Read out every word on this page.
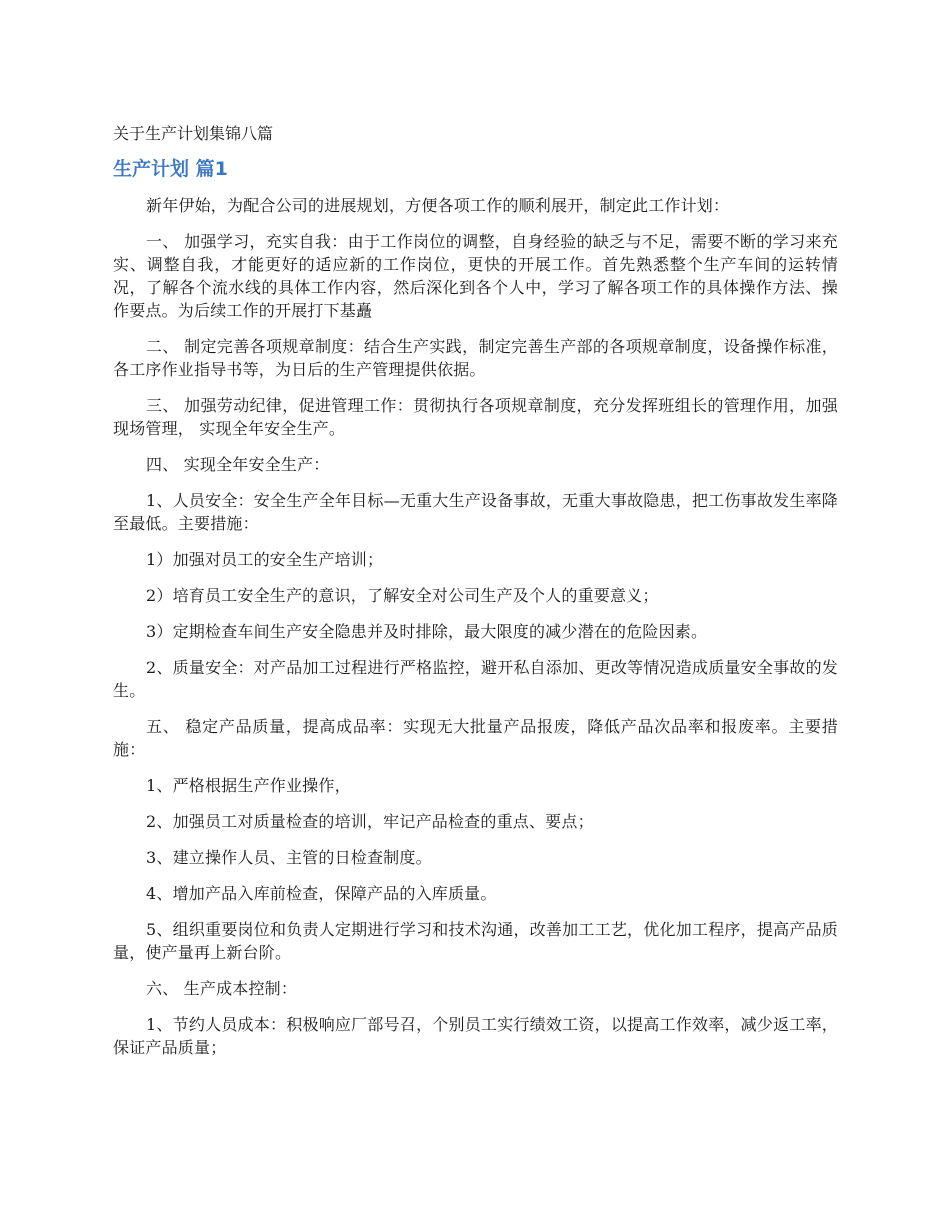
关于生产计划集锦八篇
生产计划 篇1

新年伊始，为配合公司的进展规划，方便各项工作的顺利展开，制定此工作计划：

一、 加强学习，充实自我：由于工作岗位的调整，自身经验的缺乏与不足，需要不断的学习来充实、调整自我，才能更好的适应新的工作岗位，更快的开展工作。首先熟悉整个生产车间的运转情况，了解各个流水线的具体工作内容，然后深化到各个人中，学习了解各项工作的具体操作方法、操作要点。为后续工作的开展打下基矗

二、 制定完善各项规章制度：结合生产实践，制定完善生产部的各项规章制度，设备操作标准，各工序作业指导书等，为日后的生产管理提供依据。

三、 加强劳动纪律，促进管理工作：贯彻执行各项规章制度，充分发挥班组长的管理作用，加强现场管理， 实现全年安全生产。

四、 实现全年安全生产：

1、人员安全：安全生产全年目标—无重大生产设备事故，无重大事故隐患，把工伤事故发生率降至最低。主要措施：

1）加强对员工的安全生产培训；

2）培育员工安全生产的意识，了解安全对公司生产及个人的重要意义；

3）定期检查车间生产安全隐患并及时排除，最大限度的减少潜在的危险因素。

2、质量安全：对产品加工过程进行严格监控，避开私自添加、更改等情况造成质量安全事故的发生。

五、 稳定产品质量，提高成品率：实现无大批量产品报废，降低产品次品率和报废率。主要措施：

1、严格根据生产作业操作，

2、加强员工对质量检查的培训，牢记产品检查的重点、要点；

3、建立操作人员、主管的日检查制度。

4、增加产品入库前检查，保障产品的入库质量。

5、组织重要岗位和负责人定期进行学习和技术沟通，改善加工工艺，优化加工程序，提高产品质量，使产量再上新台阶。

六、 生产成本控制：

1、节约人员成本：积极响应厂部号召，个别员工实行绩效工资，以提高工作效率，减少返工率，保证产品质量；
